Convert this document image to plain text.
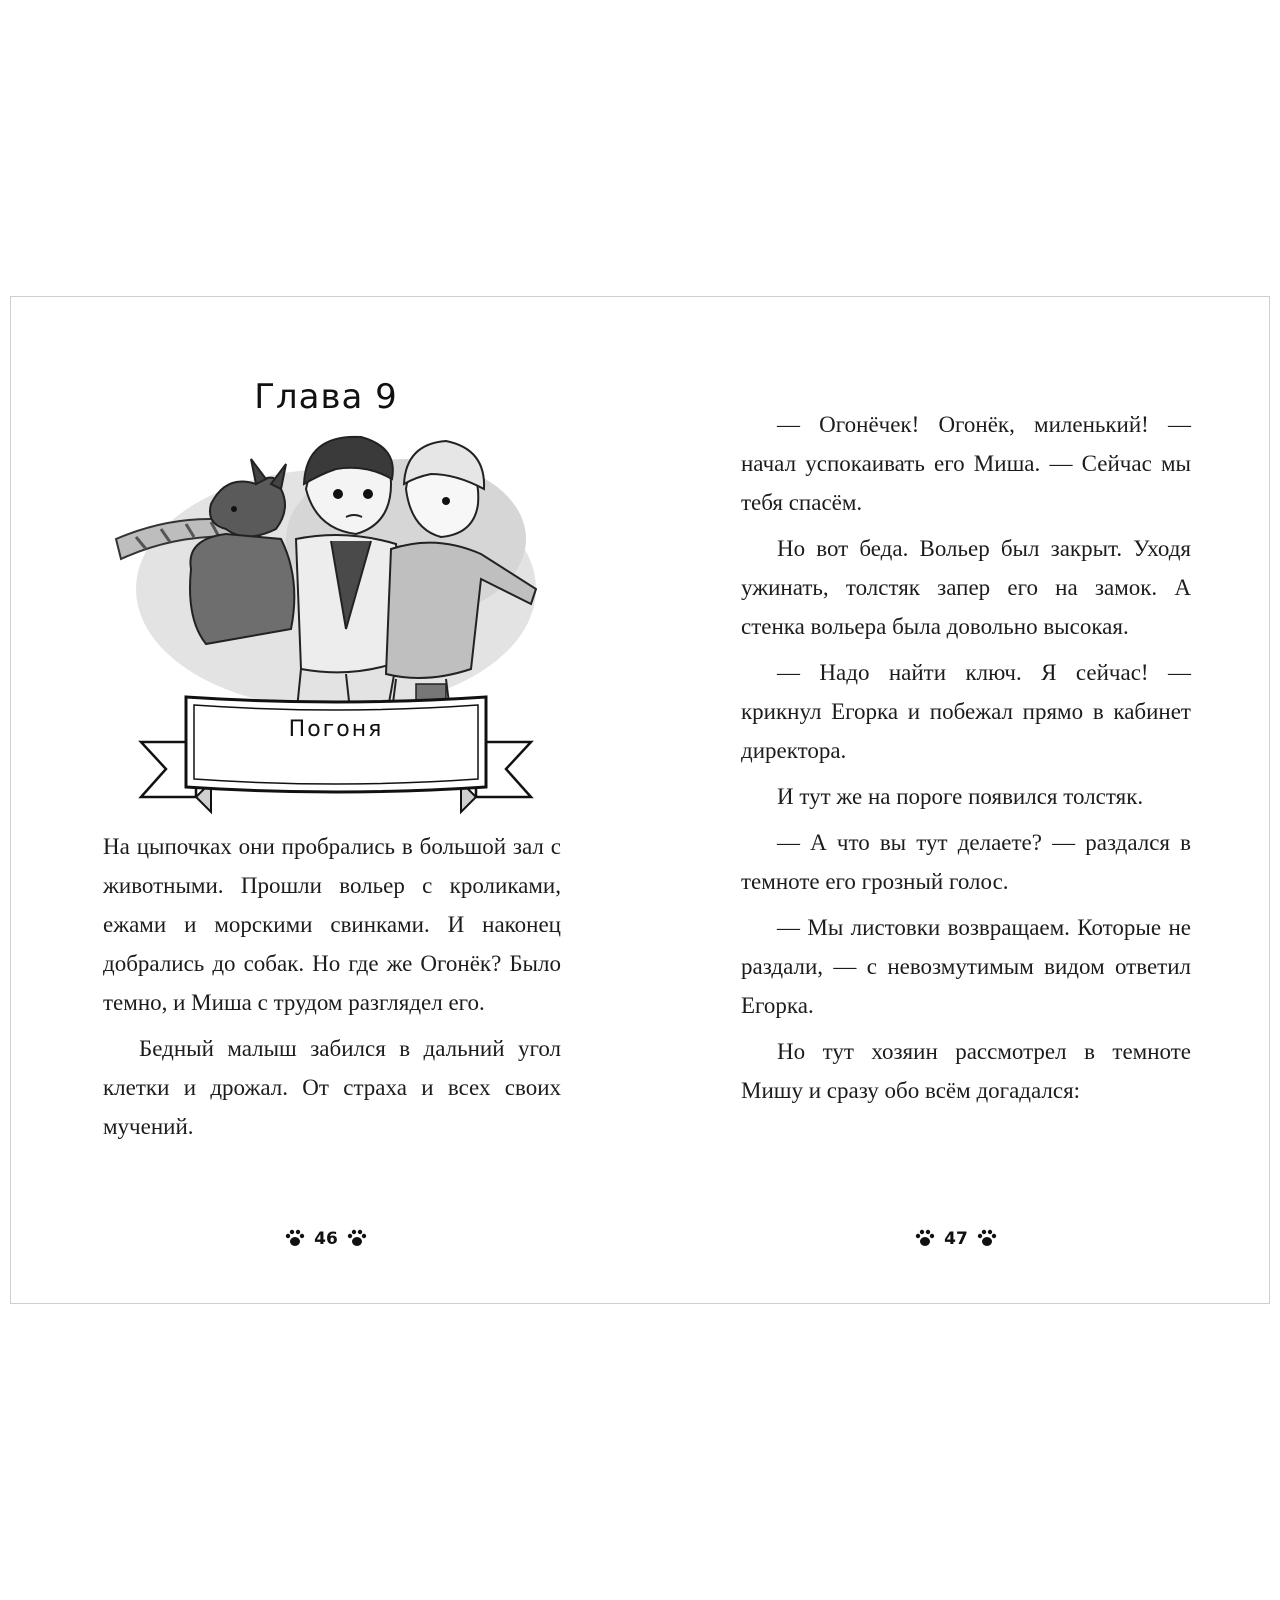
Глава 9
Погоня

На цыпочках они пробрались в большой зал с животными. Прошли вольер с кроликами, ежами и морскими свинками. И наконец добрались до собак. Но где же Огонёк? Было темно, и Миша с трудом разглядел его.

Бедный малыш забился в дальний угол клетки и дрожал. От страха и всех своих мучений.

46

— Огонёчек! Огонёк, миленький! — начал успокаивать его Миша. — Сейчас мы тебя спасём.

Но вот беда. Вольер был закрыт. Уходя ужинать, толстяк запер его на замок. А стенка вольера была довольно высокая.

— Надо найти ключ. Я сейчас! — крикнул Егорка и побежал прямо в кабинет директора.

И тут же на пороге появился толстяк.

— А что вы тут делаете? — раздался в темноте его грозный голос.

— Мы листовки возвращаем. Которые не раздали, — с невозмутимым видом ответил Егорка.

Но тут хозяин рассмотрел в темноте Мишу и сразу обо всём догадался:

47
